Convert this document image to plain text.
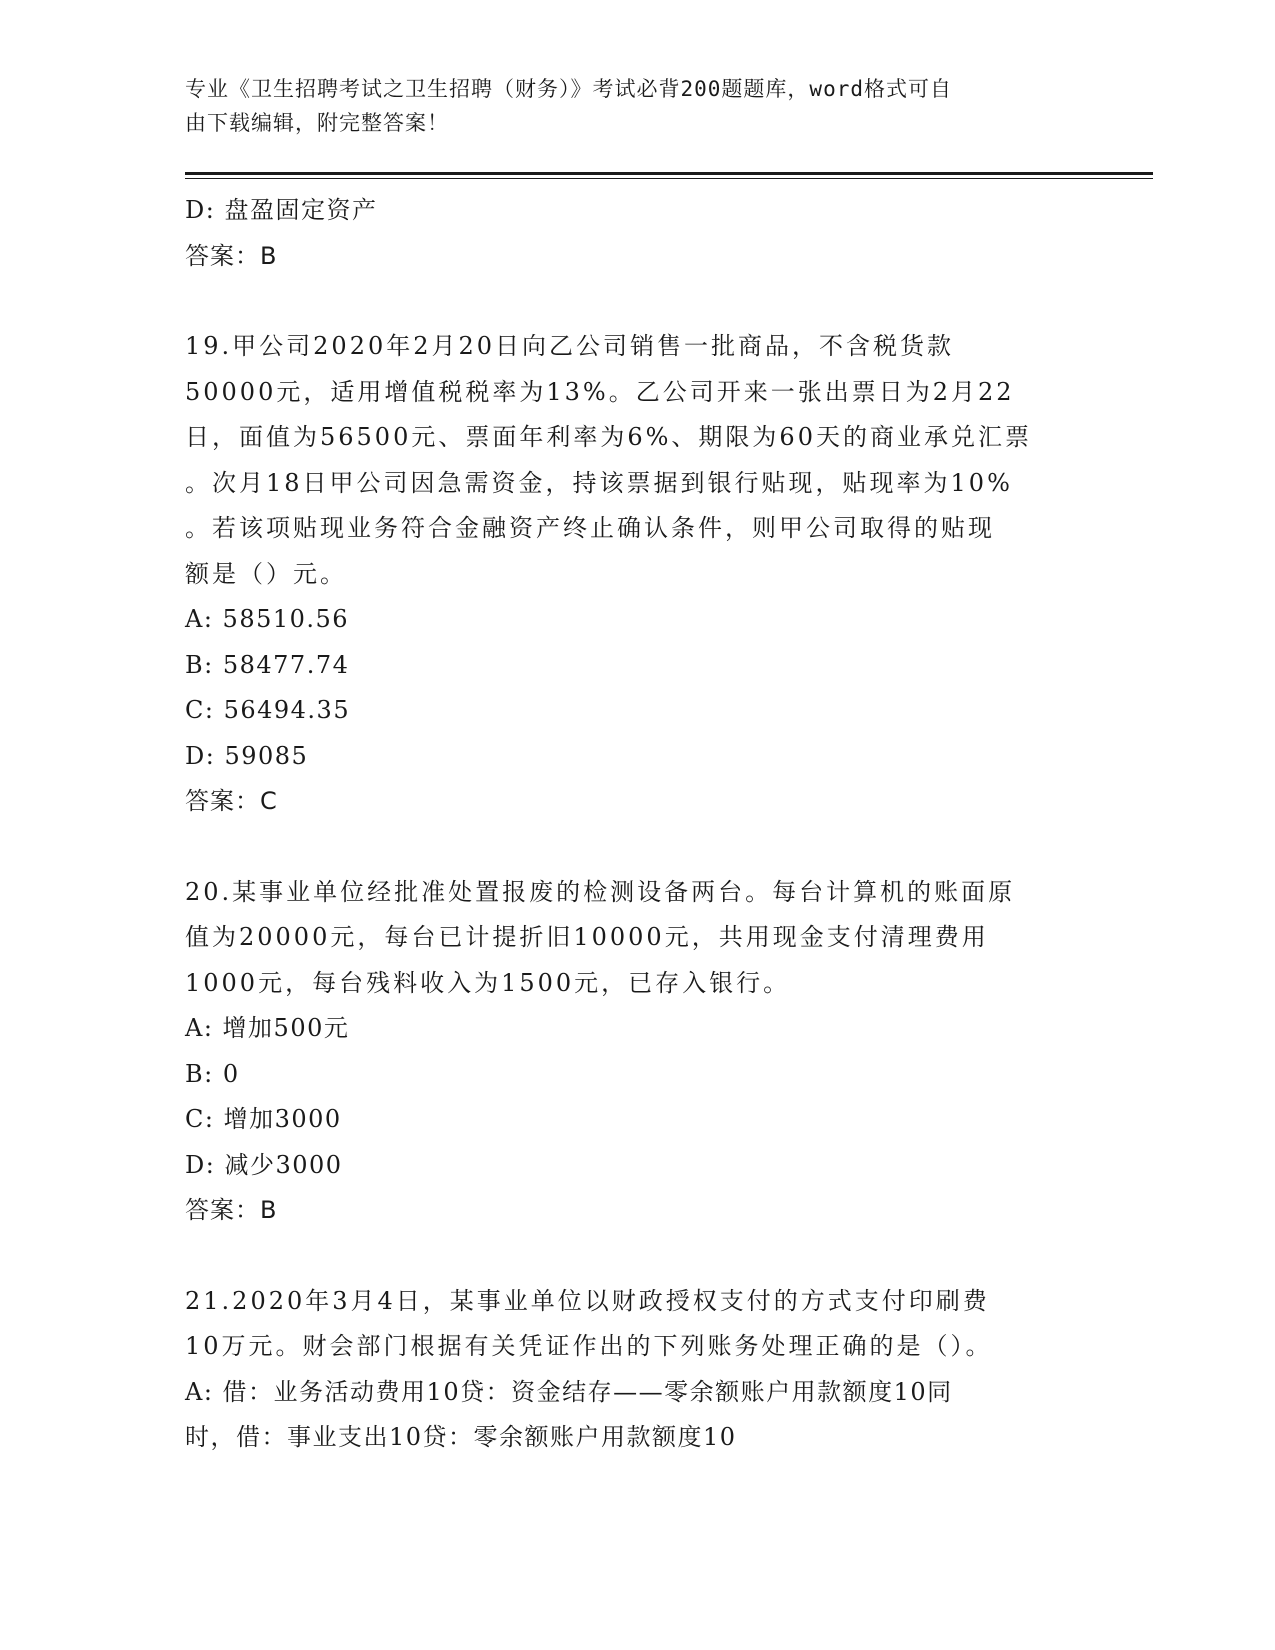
专业《卫生招聘考试之卫生招聘（财务）》考试必背200题题库，word格式可自
由下载编辑，附完整答案！
D: 盘盈固定资产
答案：B
19.甲公司2020年2月20日向乙公司销售一批商品，不含税货款
50000元，适用增值税税率为13%。乙公司开来一张出票日为2月22
日，面值为56500元、票面年利率为6%、期限为60天的商业承兑汇票
。次月18日甲公司因急需资金，持该票据到银行贴现，贴现率为10%
。若该项贴现业务符合金融资产终止确认条件，则甲公司取得的贴现
额是（）元。
A: 58510.56
B: 58477.74
C: 56494.35
D: 59085
答案：C
20.某事业单位经批准处置报废的检测设备两台。每台计算机的账面原
值为20000元，每台已计提折旧10000元，共用现金支付清理费用
1000元，每台残料收入为1500元，已存入银行。
A: 增加500元
B: 0
C: 增加3000
D: 减少3000
答案：B
21.2020年3月4日，某事业单位以财政授权支付的方式支付印刷费
10万元。财会部门根据有关凭证作出的下列账务处理正确的是（）。
A: 借：业务活动费用10贷：资金结存——零余额账户用款额度10同
时，借：事业支出10贷：零余额账户用款额度10
